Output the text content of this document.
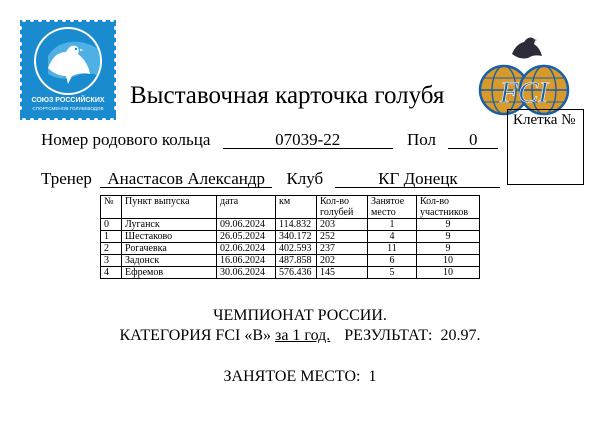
СОЮЗ РОССИЙСКИХ
СПОРТСМЕНОВ ГОЛУБЕВОДОВ	FCI
Выставочная карточка голубя
Клетка №
Номер родового кольца	07039-22	Пол 0
Тренер Анастасов Александр Клуб	КГ Донецк
№	Пункт выпуска	дата	км	Кол-во голубей	Занятое место	Кол-во участников
0	Луганск	09.06.2024	114.832	203	1	9
1	Шестаково	26.05.2024	340.172	252	4	9
2	Рогачевка	02.06.2024	402.593	237	11	9
3	Задонск	16.06.2024	487.858	202	6	10
4	Ефремов	30.06.2024	576.436	145	5	10
ЧЕМПИОНАТ РОССИИ.
КАТЕГОРИЯ FCI «В» за 1 год. РЕЗУЛЬТАТ: 20.97.
ЗАНЯТОЕ МЕСТО: 1
